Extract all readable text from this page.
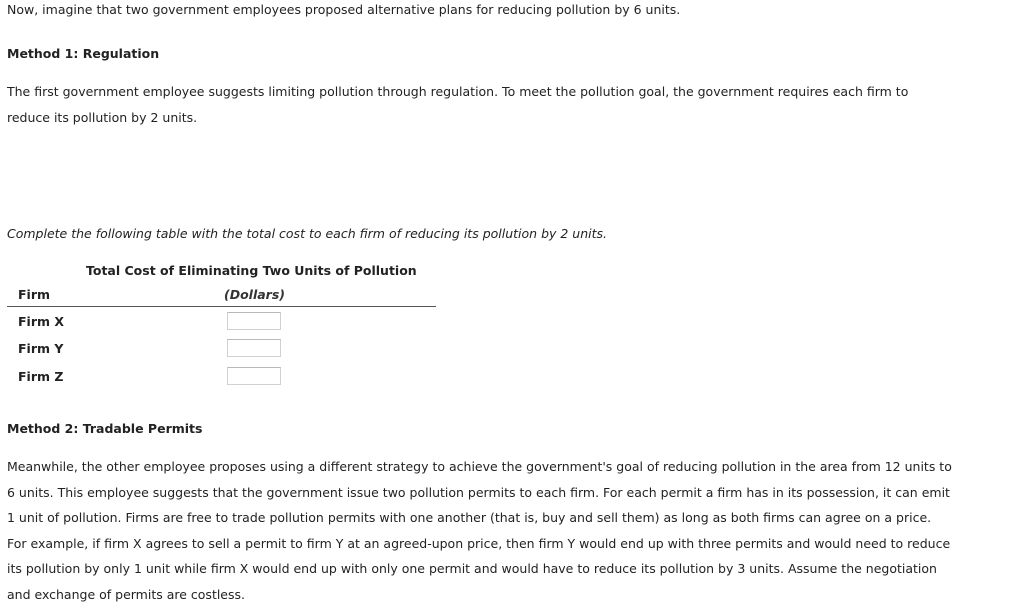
Now, imagine that two government employees proposed alternative plans for reducing pollution by 6 units.
Method 1: Regulation
The first government employee suggests limiting pollution through regulation. To meet the pollution goal, the government requires each firm to
reduce its pollution by 2 units.
Complete the following table with the total cost to each firm of reducing its pollution by 2 units.
Total Cost of Eliminating Two Units of Pollution
Firm	(Dollars)
Firm X
Firm Y
Firm Z
Method 2: Tradable Permits
Meanwhile, the other employee proposes using a different strategy to achieve the government's goal of reducing pollution in the area from 12 units to
6 units. This employee suggests that the government issue two pollution permits to each firm. For each permit a firm has in its possession, it can emit
1 unit of pollution. Firms are free to trade pollution permits with one another (that is, buy and sell them) as long as both firms can agree on a price.
For example, if firm X agrees to sell a permit to firm Y at an agreed-upon price, then firm Y would end up with three permits and would need to reduce
its pollution by only 1 unit while firm X would end up with only one permit and would have to reduce its pollution by 3 units. Assume the negotiation
and exchange of permits are costless.
